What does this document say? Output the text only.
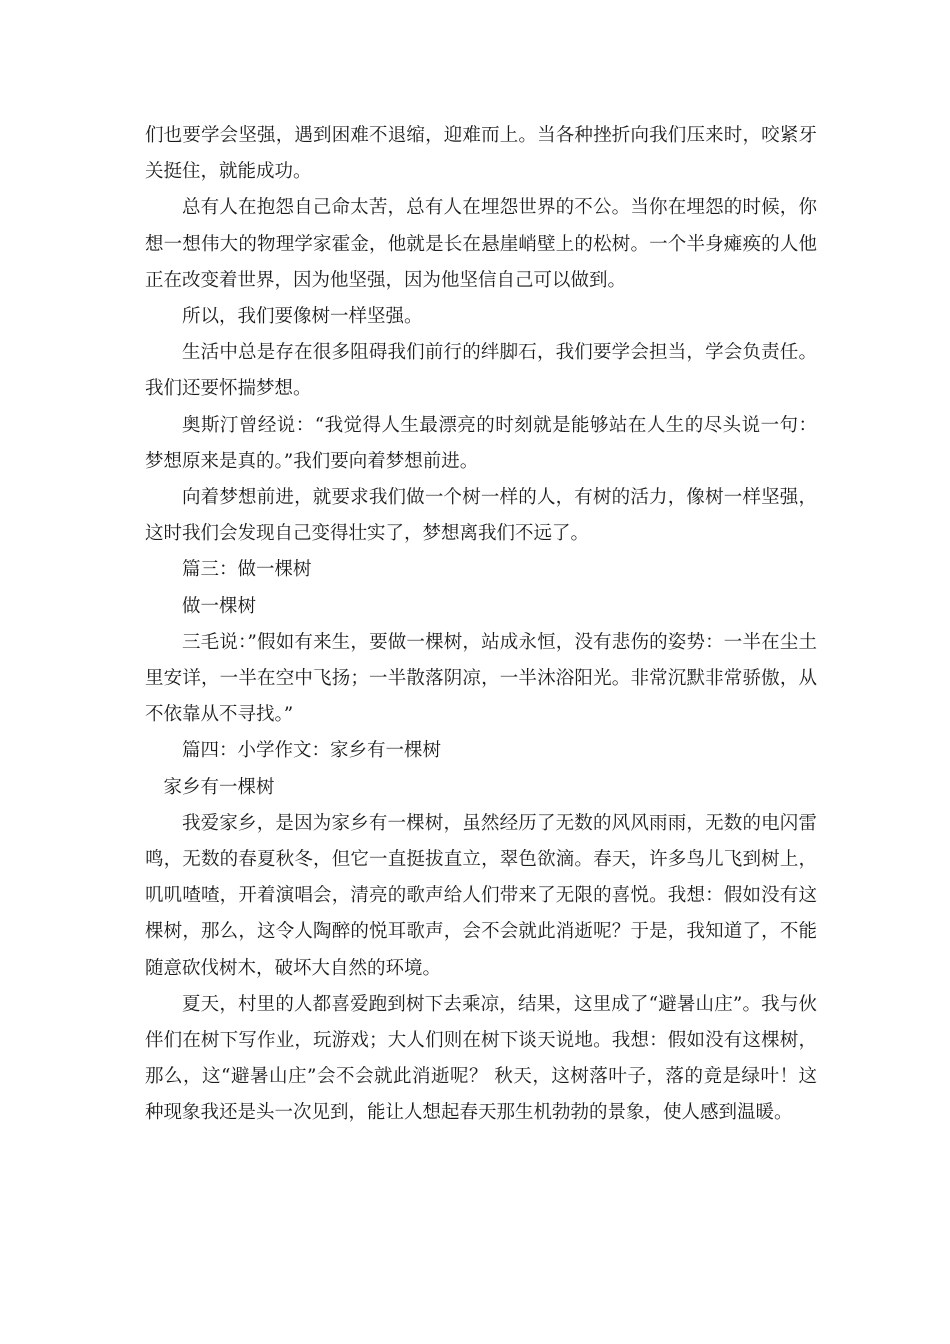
们也要学会坚强，遇到困难不退缩，迎难而上。当各种挫折向我们压来时，咬紧牙关挺住，就能成功。

总有人在抱怨自己命太苦，总有人在埋怨世界的不公。当你在埋怨的时候，你想一想伟大的物理学家霍金，他就是长在悬崖峭壁上的松树。一个半身瘫痪的人他正在改变着世界，因为他坚强，因为他坚信自己可以做到。

所以，我们要像树一样坚强。

生活中总是存在很多阻碍我们前行的绊脚石，我们要学会担当，学会负责任。我们还要怀揣梦想。

奥斯汀曾经说：“我觉得人生最漂亮的时刻就是能够站在人生的尽头说一句：梦想原来是真的。”我们要向着梦想前进。

向着梦想前进，就要求我们做一个树一样的人，有树的活力，像树一样坚强，这时我们会发现自己变得壮实了，梦想离我们不远了。

篇三：做一棵树

做一棵树

三毛说：”假如有来生，要做一棵树，站成永恒，没有悲伤的姿势：一半在尘土里安详，一半在空中飞扬；一半散落阴凉，一半沐浴阳光。非常沉默非常骄傲，从不依靠从不寻找。”

篇四：小学作文：家乡有一棵树

家乡有一棵树

我爱家乡，是因为家乡有一棵树，虽然经历了无数的风风雨雨，无数的电闪雷鸣，无数的春夏秋冬，但它一直挺拔直立，翠色欲滴。春天，许多鸟儿飞到树上，叽叽喳喳，开着演唱会，清亮的歌声给人们带来了无限的喜悦。我想：假如没有这棵树，那么，这令人陶醉的悦耳歌声，会不会就此消逝呢？于是，我知道了，不能随意砍伐树木，破坏大自然的环境。

夏天，村里的人都喜爱跑到树下去乘凉，结果，这里成了“避暑山庄”。我与伙伴们在树下写作业，玩游戏；大人们则在树下谈天说地。我想：假如没有这棵树，那么，这“避暑山庄”会不会就此消逝呢？ 秋天，这树落叶子，落的竟是绿叶！这种现象我还是头一次见到，能让人想起春天那生机勃勃的景象，使人感到温暖。
